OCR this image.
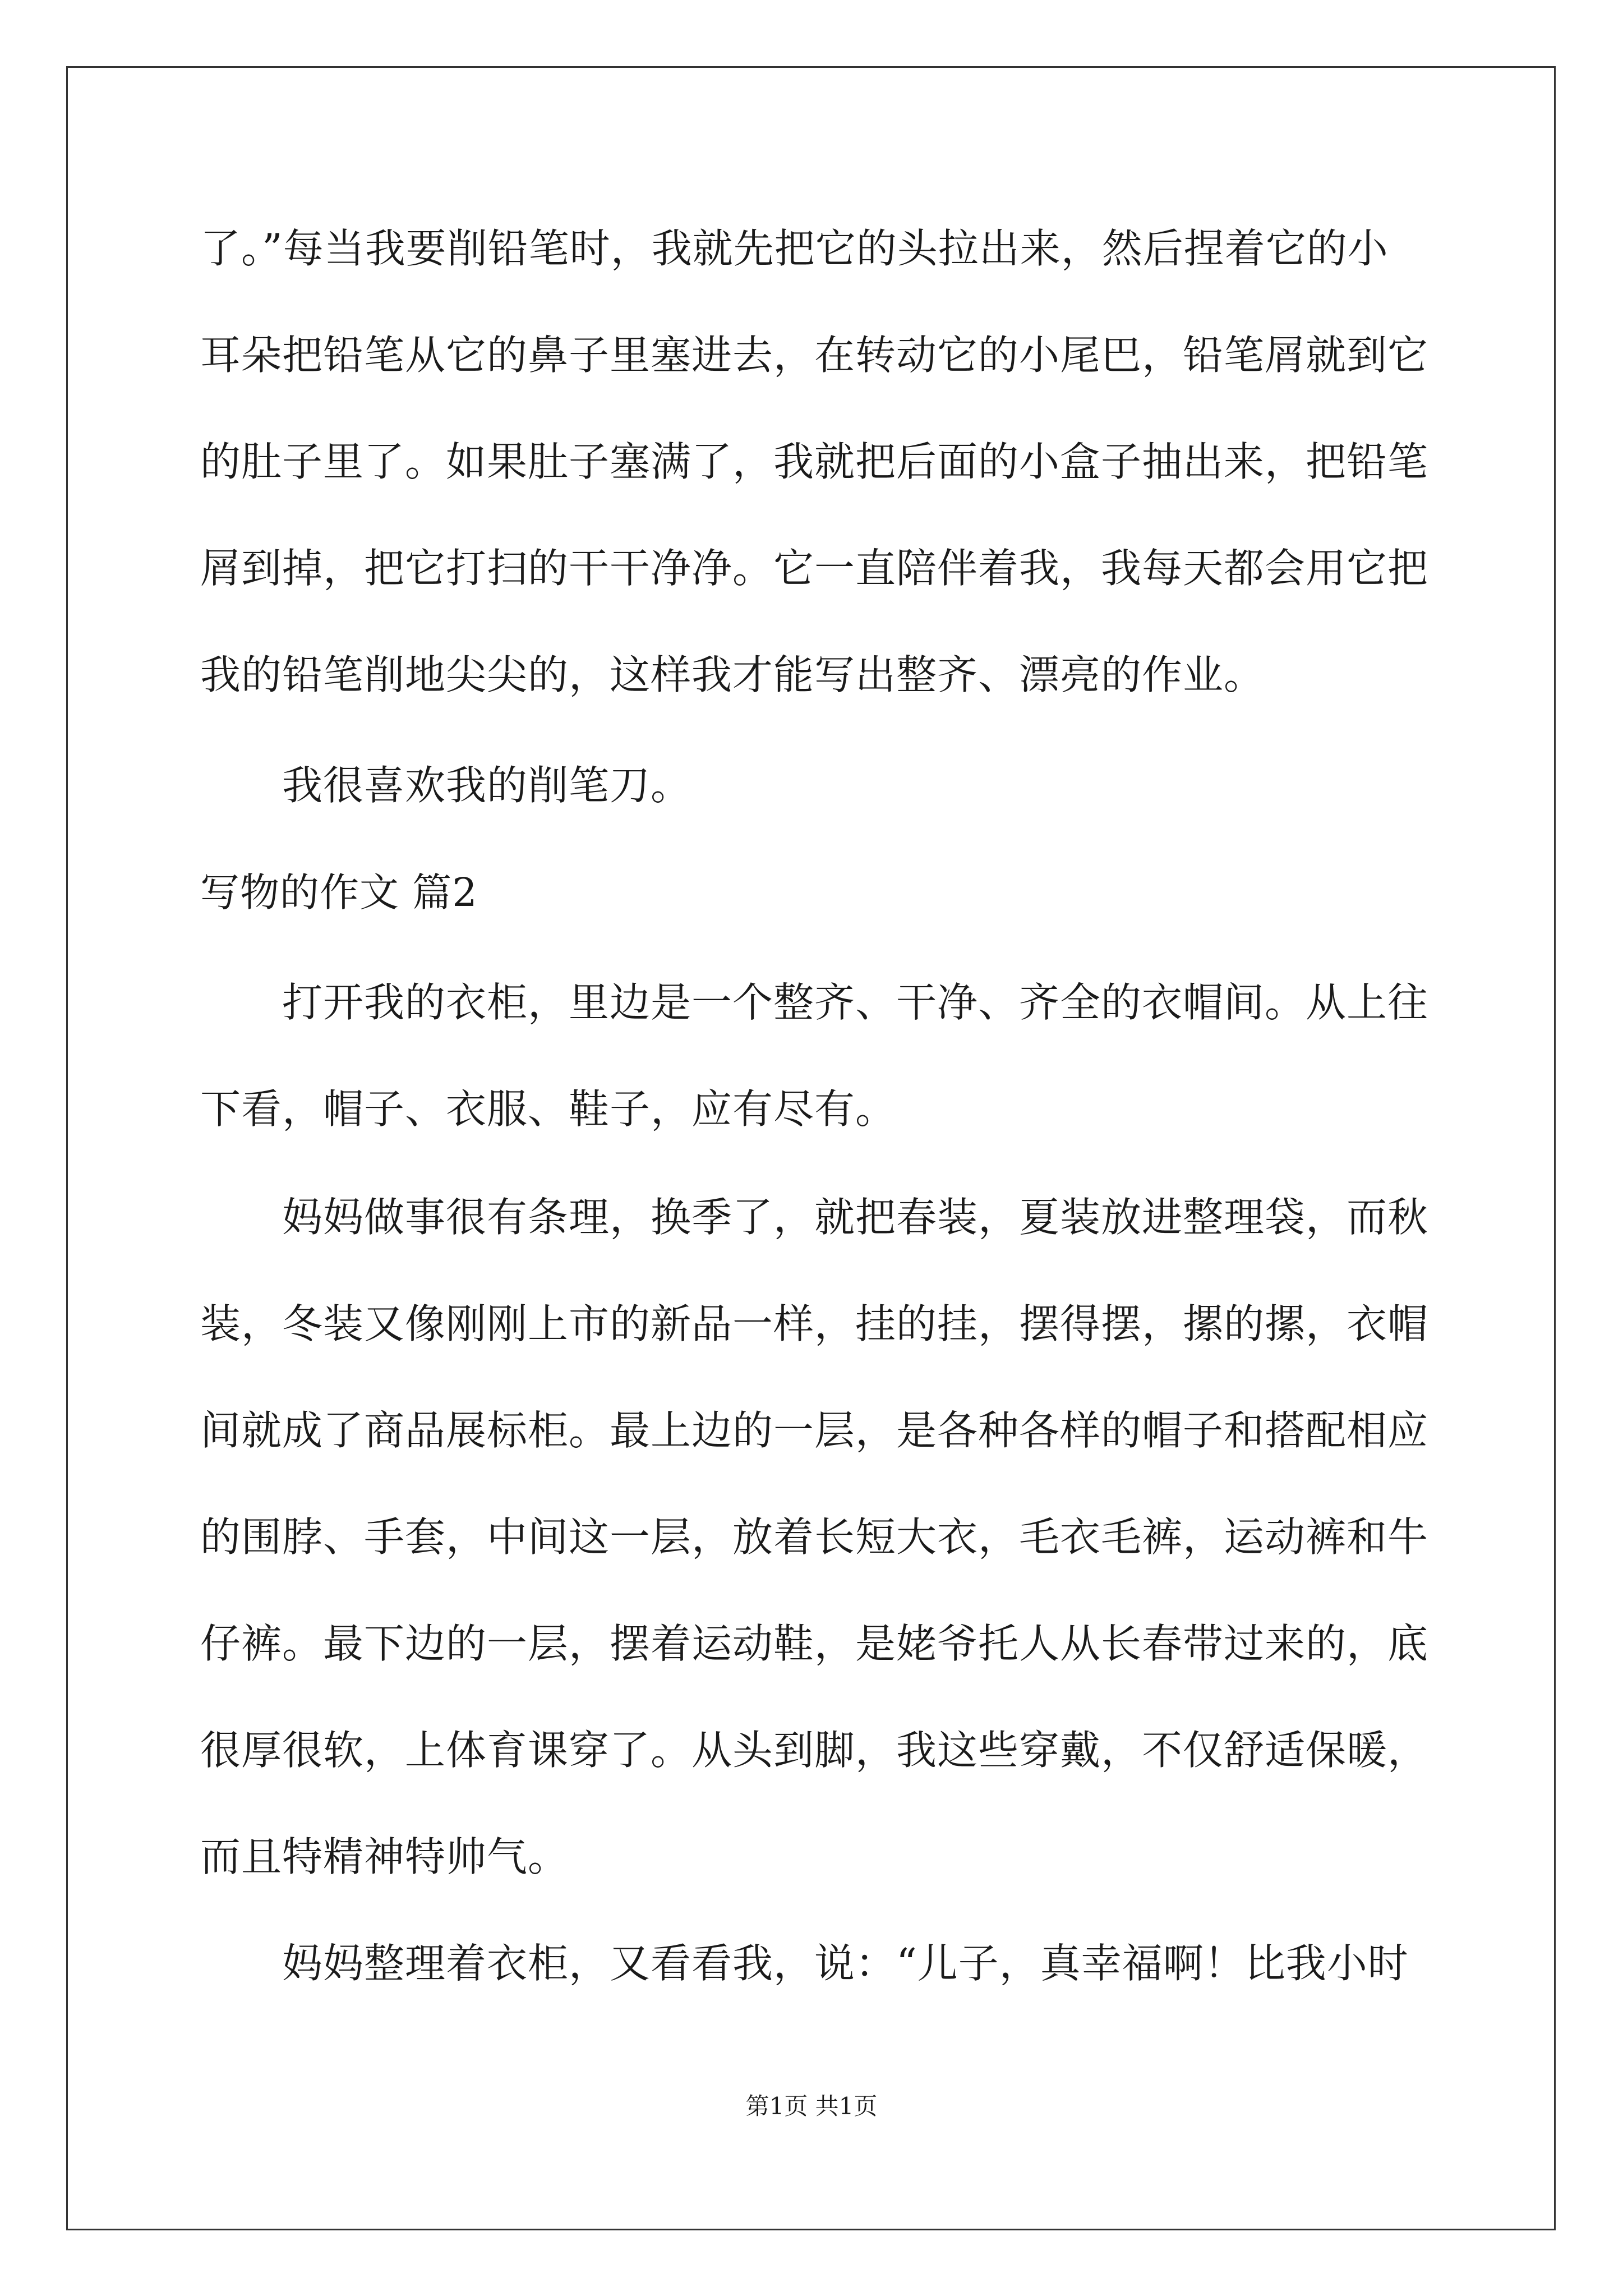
了。”每当我要削铅笔时，我就先把它的头拉出来，然后捏着它的小
耳朵把铅笔从它的鼻子里塞进去，在转动它的小尾巴，铅笔屑就到它
的肚子里了。如果肚子塞满了，我就把后面的小盒子抽出来，把铅笔
屑到掉，把它打扫的干干净净。它一直陪伴着我，我每天都会用它把
我的铅笔削地尖尖的，这样我才能写出整齐、漂亮的作业。
我很喜欢我的削笔刀。
写物的作文 篇2
打开我的衣柜，里边是一个整齐、干净、齐全的衣帽间。从上往
下看，帽子、衣服、鞋子，应有尽有。
妈妈做事很有条理，换季了，就把春装，夏装放进整理袋，而秋
装，冬装又像刚刚上市的新品一样，挂的挂，摆得摆，摞的摞，衣帽
间就成了商品展标柜。最上边的一层，是各种各样的帽子和搭配相应
的围脖、手套，中间这一层，放着长短大衣，毛衣毛裤，运动裤和牛
仔裤。最下边的一层，摆着运动鞋，是姥爷托人从长春带过来的，底
很厚很软，上体育课穿了。从头到脚，我这些穿戴，不仅舒适保暖，
而且特精神特帅气。
妈妈整理着衣柜，又看看我，说：“儿子，真幸福啊！比我小时
第1页 共1页
